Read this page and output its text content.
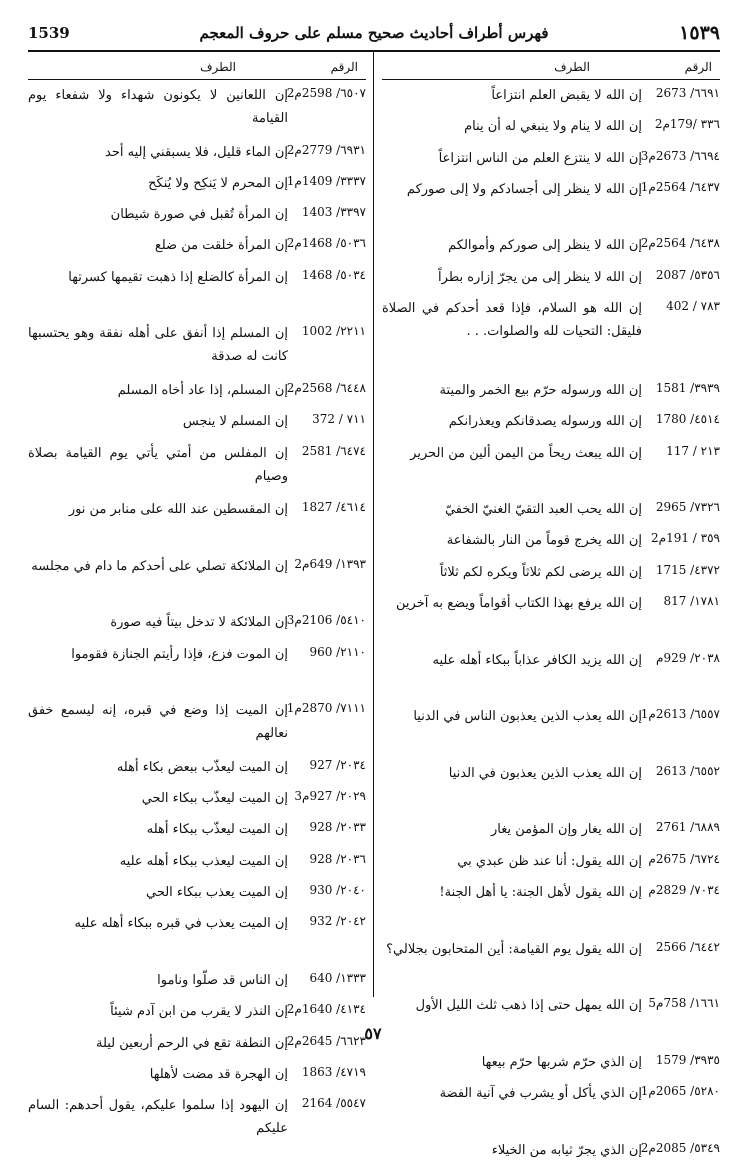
١٥٣٩
فهرس أطراف أحاديث صحيح مسلم على حروف المعجم
1539
الرقم
الطرف
٦٦٩١/ 2673
إن الله لا يقبض العلم انتزاعاً
٣٣٦ /179م2
إن الله لا ينام ولا ينبغي له أن ينام
٦٦٩٤/ 2673م3
إن الله لا ينتزع العلم من الناس انتزاعاً
٦٤٣٧/ 2564م1
إن الله لا ينظر إلى أجسادكم ولا إلى صوركم
٦٤٣٨/ 2564م2
إن الله لا ينظر إلى صوركم وأموالكم
٥٣٥٦/ 2087
إن الله لا ينظر إلى من يجرّ إزاره بطراً
٧٨٣ / 402
إن الله هو السلام، فإذا قعد أحدكم في الصلاة فليقل: التحيات لله والصلوات. . .
٣٩٣٩/ 1581
إن الله ورسوله حرّم بيع الخمر والميتة
٤٥١٤/ 1780
إن الله ورسوله يصدقانكم ويعذرانكم
٢١٣ / 117
إن الله يبعث ريحاً من اليمن ألين من الحرير
٧٣٢٦/ 2965
إن الله يحب العبد التقيّ الغنيّ الخفيّ
٣٥٩ / 191م2
إن الله يخرج قوماً من النار بالشفاعة
٤٣٧٢/ 1715
إن الله يرضى لكم ثلاثاً ويكره لكم ثلاثاً
١٧٨١/ 817
إن الله يرفع بهذا الكتاب أقواماً ويضع به آخرين
٢٠٣٨/ 929م
إن الله يزيد الكافر عذاباً ببكاء أهله عليه
٦٥٥٧/ 2613م1
إن الله يعذب الذين يعذبون الناس في الدنيا
٦٥٥٢/ 2613
إن الله يعذب الذين يعذبون في الدنيا
٦٨٨٩/ 2761
إن الله يغار وإن المؤمن يغار
٦٧٢٤/ 2675م
إن الله يقول: أنا عند ظن عبدي بي
٧٠٣٤/ 2829م
إن الله يقول لأهل الجنة: يا أهل الجنة!
٦٤٤٢/ 2566
إن الله يقول يوم القيامة: أين المتحابون بجلالي؟
١٦٦١/ 758م5
إن الله يمهل حتى إذا ذهب ثلث الليل الأول
٣٩٣٥/ 1579
إن الذي حرّم شربها حرّم بيعها
٥٢٨٠/ 2065م1
إن الذي يأكل أو يشرب في آنية الفضة
٥٣٤٩/ 2085م2
إن الذي يجرّ ثيابه من الخيلاء
الرقم
الطرف
٦٥٠٧/ 2598م2
إن اللعانين لا يكونون شهداء ولا شفعاء يوم القيامة
٦٩٣١/ 2779م2
إن الماء قليل، فلا يسبقني إليه أحد
٣٣٣٧/ 1409م1
إن المحرم لا يَنكِح ولا يُنكَح
٣٣٩٧/ 1403
إن المرأة تُقبل في صورة شيطان
٥٠٣٦/ 1468م2
إن المرأة خلقت من ضلع
٥٠٣٤/ 1468
إن المرأة كالضلع إذا ذهبت تقيمها كسرتها
٢٢١١/ 1002
إن المسلم إذا أنفق على أهله نفقة وهو يحتسبها كانت له صدقة
٦٤٤٨/ 2568م2
إن المسلم، إذا عاد أخاه المسلم
٧١١ / 372
إن المسلم لا ينجس
٦٤٧٤/ 2581
إن المفلس من أمتي يأتي يوم القيامة بصلاة وصيام
٤٦١٤/ 1827
إن المقسطين عند الله على منابر من نور
١٣٩٣/ 649م2
إن الملائكة تصلي على أحدكم ما دام في مجلسه
٥٤١٠/ 2106م3
إن الملائكة لا تدخل بيتاً فيه صورة
٢١١٠/ 960
إن الموت فزع، فإذا رأيتم الجنازة فقوموا
٧١١١/ 2870م1
إن الميت إذا وضع في قبره، إنه ليسمع خفق نعالهم
٢٠٣٤/ 927
إن الميت ليعذّب ببعض بكاء أهله
٢٠٢٩/ 927م3
إن الميت ليعذّب ببكاء الحي
٢٠٣٣/ 928
إن الميت ليعذّب ببكاء أهله
٢٠٣٦/ 928
إن الميت ليعذب ببكاء أهله عليه
٢٠٤٠/ 930
إن الميت يعذب ببكاء الحي
٢٠٤٢/ 932
إن الميت يعذب في قبره ببكاء أهله عليه
١٣٣٣/ 640
إن الناس قد صلّوا وناموا
٤١٣٤/ 1640م2
إن النذر لا يقرب من ابن آدم شيئاً
٦٦٢٣/ 2645م2
إن النطفة تقع في الرحم أربعين ليلة
٤٧١٩/ 1863
إن الهجرة قد مضت لأهلها
٥٥٤٧/ 2164
إن اليهود إذا سلموا عليكم، يقول أحدهم: السام عليكم
٥٧
